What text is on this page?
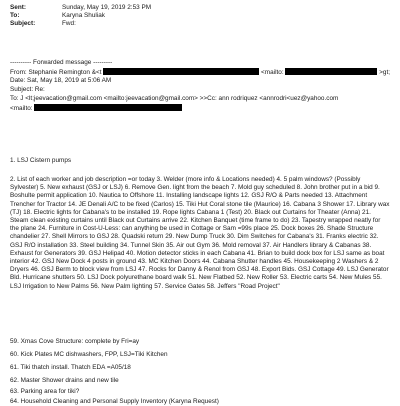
Sent:	Sunday, May 19, 2019 2:53 PM
To:	Karyna Shuliak
Subject:	Fwd:
---------- Forwarded message ---------
From: Stephanie Remington &<t	<mailto:	>gt;
Date: Sat, May 18, 2019 at 5:06 AM
Subject: Re:
To: J <lt;jeevacation@gmail.com <mailto:jeevacation@gmail.com> >>Cc: ann rodriquez <annrodri<uez@yahoo.com
<mailto:
1. LSJ Cistern pumps
2. List of each worker and job description =or today 3. Welder (more info & Locations needed) 4. 5 palm windows? (Possibly Sylvester) 5. New exhaust (GSJ or LSJ) 6. Remove Gen. light from the beach 7. Mold guy scheduled 8. John brother put in a bid 9. Boshulte permit application 10. Nautica to Offshore 11. Installing landscape lights 12. GSJ R/O & Parts needed 13. Attachment Trencher for Tractor 14. JE Denali A/C to be fixed (Carlos) 15. Tiki Hut Coral stone tile (Maurice) 16. Cabana 3 Shower 17. Library wax (TJ) 18. Electric lights for Cabana's to be installed 19. Rope lights Cabana 1 (Test) 20. Black out Curtains for Theater (Anna) 21. Steam clean existing curtains until Black out Curtains arrive 22. Kitchen Banquet (time frame to do) 23. Tapestry wrapped neatly for the plane 24. Furniture in Cost-U-Less: can anything be used in Cottage or Sam =99s place 25. Dock boxes 26. Shade Structure chandelier 27. Shell Mirrors to GSJ 28. Quadski return 29. New Dump Truck 30. Dim Switches for Cabana's 31. Franks electric 32. GSJ R/O installation 33. Steel building 34. Tunnel Skin 35. Air out Gym 36. Mold removal 37. Air Handlers library & Cabanas 38. Exhaust for Generators 39. GSJ Helipad 40. Motion detector sticks in each Cabana 41. Brian to build dock box for LSJ same as boat interior 42. GSJ New Dock 4 posts in ground 43. MC Kitchen Doors 44. Cabana Shutter handles 45. Housekeeping 2 Washers & 2 Dryers 46. GSJ Berm to block view from LSJ 47. Rocks for Danny & Renol from GSJ 48. Export Bids. GSJ Cottage 49. LSJ Generator Bld. Hurricane shutters 50. LSJ Dock polyurethane board walk 51. New Flatbed 52. New Roller 53. Electric carts 54. New Mules 55. LSJ Irrigation to New Palms 56. New Palm lighting 57. Service Gates 58. Jeffers "Road Project"
59. Xmas Cove Structure: complete by Fri=ay
60. Kick Plates MC dishwashers, FPP, LSJ=Tiki Kitchen
61. Tiki thatch install. Thatch EDA =A05/18
62. Master Shower drains and new tile
63. Parking area for tiki?
64. Household Cleaning and Personal Supply Inventory (Karyna Request)
